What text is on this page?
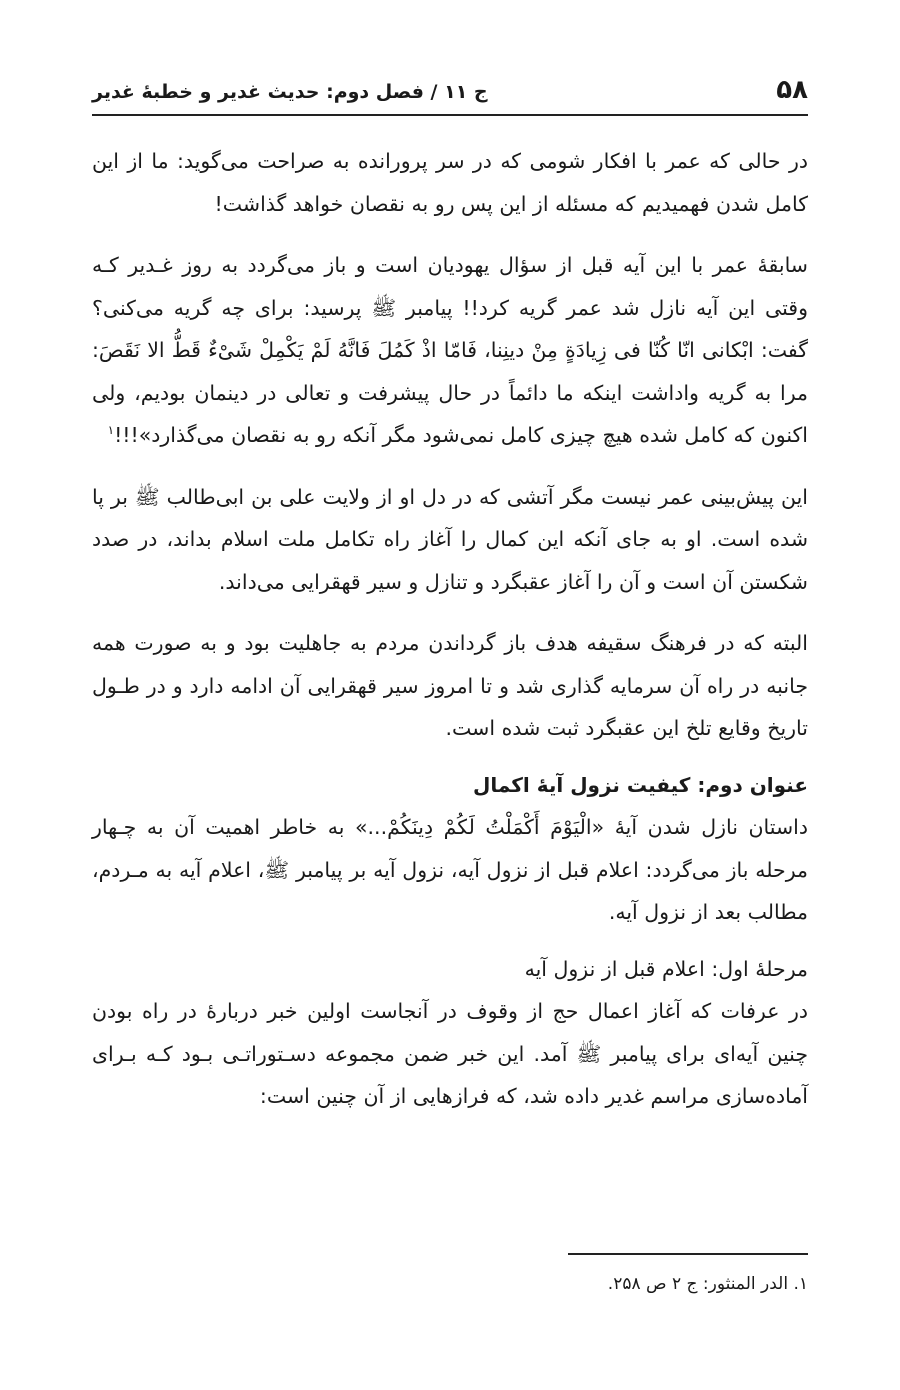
۵۸
ج ۱۱ / فصل دوم: حدیث غدیر و خطبهٔ غدیر

در حالی که عمر با افکار شومی که در سر پرورانده به صراحت می‌گوید: ما از این کامل شدن فهمیدیم که مسئله از این پس رو به نقصان خواهد گذاشت!

سابقهٔ عمر با این آیه قبل از سؤال یهودیان است و باز می‌گردد به روز غـدیر کـه وقتی این آیه نازل شد عمر گریه کرد!! پیامبر ﷺ پرسید: برای چه گریه می‌کنی؟ گفت: ابْکانی انّا کُنّا فی زِیادَةٍ مِنْ دینِنا، فَامّا اذْ کَمُلَ فَانَّهُ لَمْ یَکْمِلْ شَیْءٌ قَطُّ الا نَقَصَ: مرا به گریه واداشت اینکه ما دائماً در حال پیشرفت و تعالی در دینمان بودیم، ولی اکنون که کامل شده هیچ چیزی کامل نمی‌شود مگر آنکه رو به نقصان می‌گذارد»!!!$^۱$

این پیش‌بینی عمر نیست مگر آتشی که در دل او از ولایت علی بن ابی‌طالب ﷺ بر پا شده است. او به جای آنکه این کمال را آغاز راه تکامل ملت اسلام بداند، در صدد شکستن آن است و آن را آغاز عقبگرد و تنازل و سیر قهقرایی می‌داند.

البته که در فرهنگ سقیفه هدف باز گرداندن مردم به جاهلیت بود و به صورت همه جانبه در راه آن سرمایه گذاری شد و تا امروز سیر قهقرایی آن ادامه دارد و در طـول تاریخ وقایع تلخ این عقبگرد ثبت شده است.

عنوان دوم: کیفیت نزول آیهٔ اکمال

داستان نازل شدن آیهٔ «الْیَوْمَ أَکْمَلْتُ لَکُمْ دِینَکُمْ...» به خاطر اهمیت آن به چـهار مرحله باز می‌گردد: اعلام قبل از نزول آیه، نزول آیه بر پیامبر ﷺ، اعلام آیه به مـردم، مطالب بعد از نزول آیه.

مرحلهٔ اول: اعلام قبل از نزول آیه

در عرفات که آغاز اعمال حج از وقوف در آنجاست اولین خبر دربارهٔ در راه بودن چنین آیه‌ای برای پیامبر ﷺ آمد. این خبر ضمن مجموعه دسـتوراتـی بـود کـه بـرای آماده‌سازی مراسم غدیر داده شد، که فرازهایی از آن چنین است:

۱. الدر المنثور: ج ۲ ص ۲۵۸.
